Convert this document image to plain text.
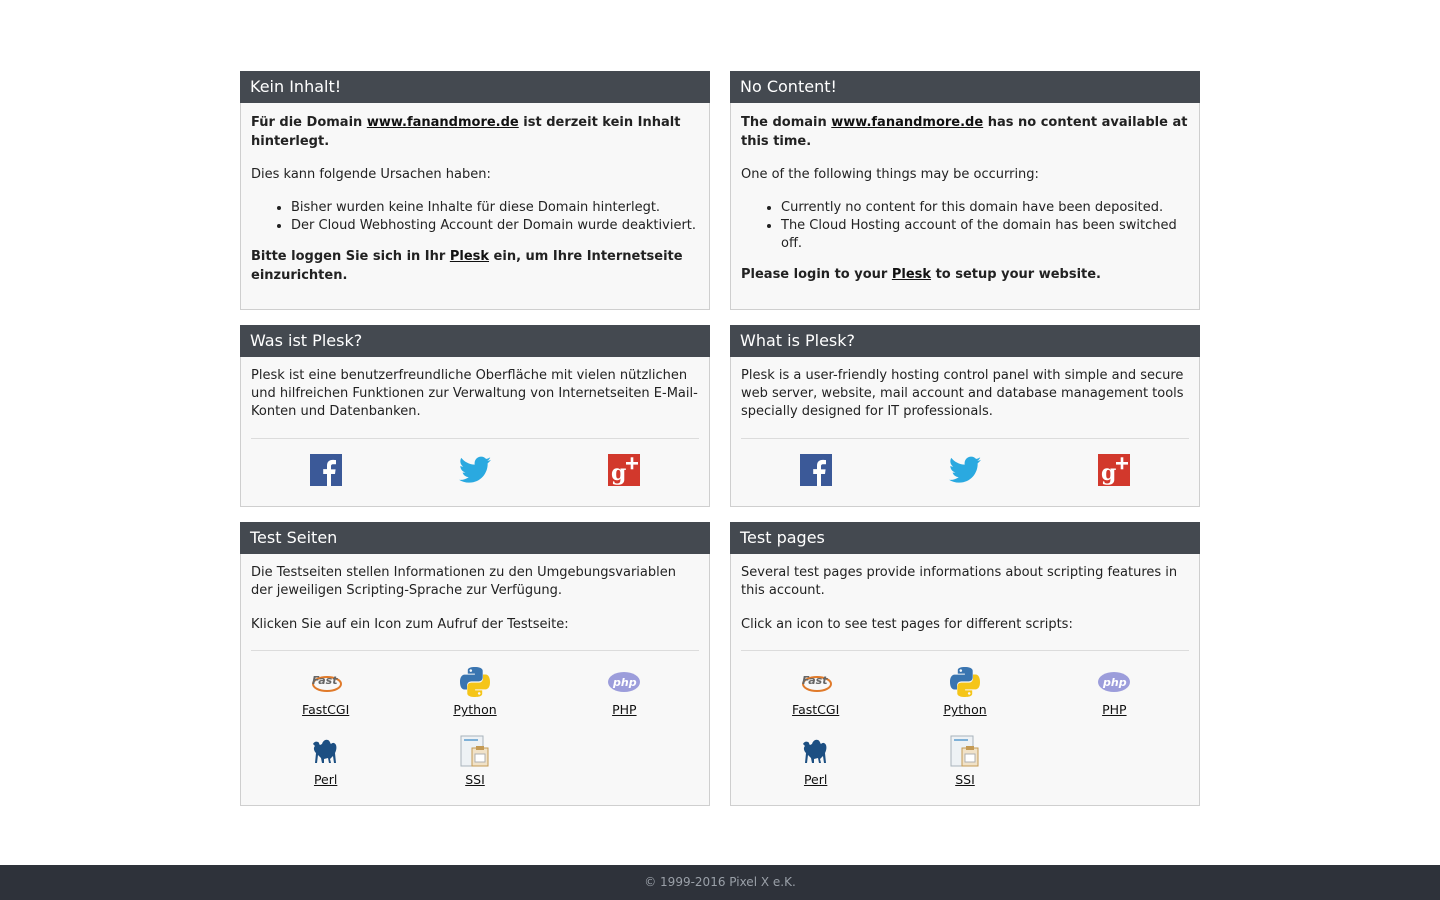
Kein Inhalt!

Für die Domain www.fanandmore.de ist derzeit kein Inhalt hinterlegt.

Dies kann folgende Ursachen haben:

• Bisher wurden keine Inhalte für diese Domain hinterlegt.
• Der Cloud Webhosting Account der Domain wurde deaktiviert.

Bitte loggen Sie sich in Ihr Plesk ein, um Ihre Internetseite einzurichten.

No Content!

The domain www.fanandmore.de has no content available at this time.

One of the following things may be occurring:

• Currently no content for this domain have been deposited.
• The Cloud Hosting account of the domain has been switched off.

Please login to your Plesk to setup your website.

Was ist Plesk?

Plesk ist eine benutzerfreundliche Oberfläche mit vielen nützlichen und hilfreichen Funktionen zur Verwaltung von Internetseiten E-Mail-Konten und Datenbanken.

g
What is Plesk?

Plesk is a user-friendly hosting control panel with simple and secure web server, website, mail account and database management tools specially designed for IT professionals.

g
Test Seiten

Die Testseiten stellen Informationen zu den Umgebungsvariablen der jeweiligen Scripting-Sprache zur Verfügung.

Klicken Sie auf ein Icon zum Aufruf der Testseite:

Fast
FastCGI	Python
php
PHP
Perl	SSI
Test pages

Several test pages provide informations about scripting features in this account.

Click an icon to see test pages for different scripts:

Fast
FastCGI	Python
php
PHP
Perl	SSI
© 1999-2016 Pixel X e.K.
